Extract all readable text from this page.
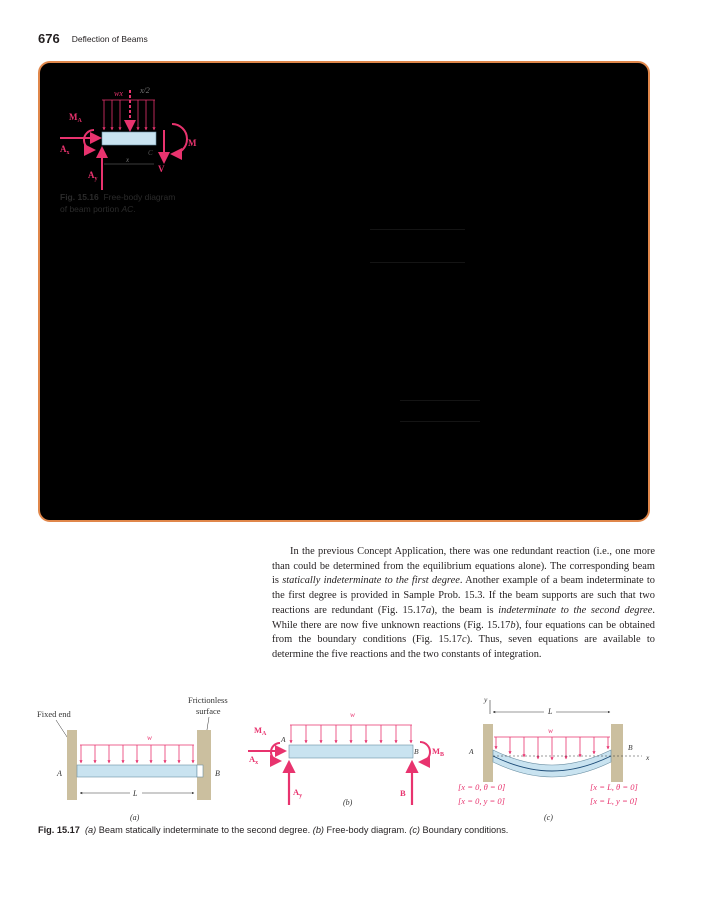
676 Deflection of Beams
wx x/2
$M_A$
$A_x$
$A_y$
C
V
M
x
Fig. 15.16 Free-body diagram
of beam portion AC.

In the previous Concept Application, there was one redundant reaction (i.e., one more than could be determined from the equilibrium equations alone). The corresponding beam is statically indeterminate to the first degree. Another example of a beam indeterminate to the first degree is provided in Sample Prob. 15.3. If the beam supports are such that two reactions are redundant (Fig. 15.17a), the beam is indeterminate to the second degree. While there are now five unknown reactions (Fig. 15.17b), four equations can be obtained from the boundary conditions (Fig. 15.17c). Thus, seven equations are available to determine the five reactions and the two constants of integration.

Fixed end
Frictionless
surface
w
A	B
L
(a)
w
$M_A$
$A_x$
A
B
$A_y$	B
$M_B$
(b)
y
L
w
x
A	B
[x = 0, θ = 0]
[x = 0, y = 0]
[x = L, θ = 0]
[x = L, y = 0]
(c)
Fig. 15.17 (a) Beam statically indeterminate to the second degree. (b) Free-body diagram. (c) Boundary conditions.
